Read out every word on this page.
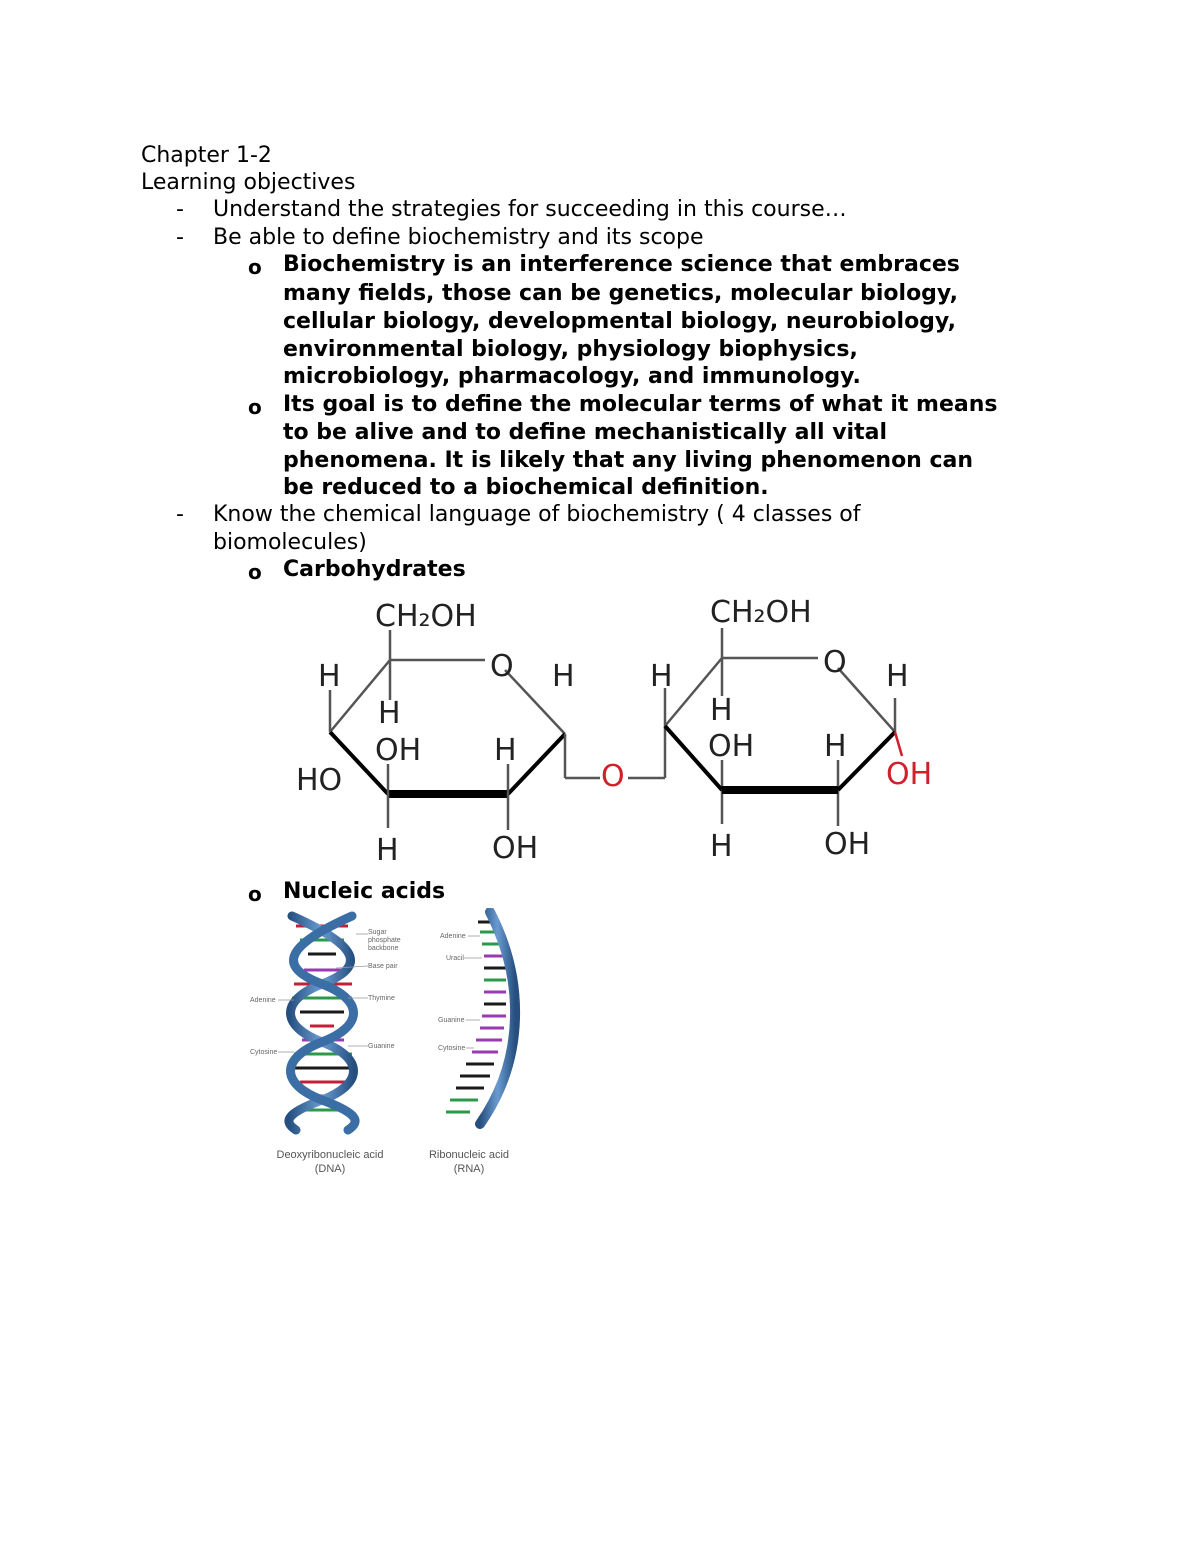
Chapter 1-2
Learning objectives
- Understand the strategies for succeeding in this course…
- Be able to define biochemistry and its scope
o Biochemistry is an interference science that embraces
many fields, those can be genetics, molecular biology,
cellular biology, developmental biology, neurobiology,
environmental biology, physiology biophysics,
microbiology, pharmacology, and immunology.
o Its goal is to define the molecular terms of what it means
to be alive and to define mechanistically all vital
phenomena. It is likely that any living phenomenon can
be reduced to a biochemical definition.
- Know the chemical language of biochemistry ( 4 classes of
biomolecules)
o Carbohydrates
CH₂OH
O
H	H
H
OH H
HO
H	OH
O
CH₂OH
O
H	H
H
OH H
OH
H	OH
o Nucleic acids
Sugar
phosphate
backbone
Base pair
Adenine	Thymine
Cytosine
Guanine
Adenine
Uracil
Guanine
Cytosine
Deoxyribonucleic acid
(DNA)
Ribonucleic acid
(RNA)
